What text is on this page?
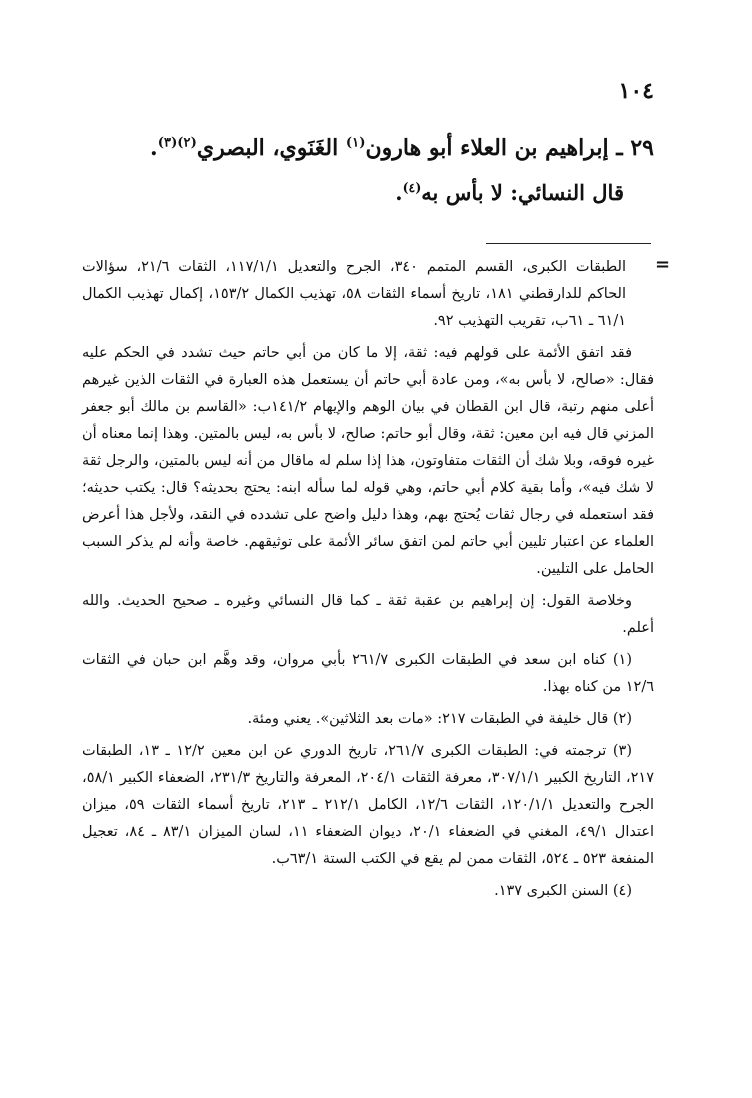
١٠٤
٢٩ ـ إبراهيم بن العلاء أبو هارون$^{(١)}$ الغَنَوي، البصري$^{(٢)(٣)}$.
قال النسائي: لا بأس به$^{(٤)}$.
=

الطبقات الكبرى، القسم المتمم ٣٤٠، الجرح والتعديل ١١٧/١/١، الثقات ٢١/٦، سؤالات الحاكم للدارقطني ١٨١، تاريخ أسماء الثقات ٥٨، تهذيب الكمال ١٥٣/٢، إكمال تهذيب الكمال ٦١/١ ـ ٦١ب، تقريب التهذيب ٩٢.

فقد اتفق الأئمة على قولهم فيه: ثقة، إلا ما كان من أبي حاتم حيث تشدد في الحكم عليه فقال: «صالح، لا بأس به»، ومن عادة أبي حاتم أن يستعمل هذه العبارة في الثقات الذين غيرهم أعلى منهم رتبة، قال ابن القطان في بيان الوهم والإيهام ١٤١/٢ب: «القاسم بن مالك أبو جعفر المزني قال فيه ابن معين: ثقة، وقال أبو حاتم: صالح، لا بأس به، ليس بالمتين. وهذا إنما معناه أن غيره فوقه، وبلا شك أن الثقات متفاوتون، هذا إذا سلم له ماقال من أنه ليس بالمتين، والرجل ثقة لا شك فيه»، وأما بقية كلام أبي حاتم، وهي قوله لما سأله ابنه: يحتج بحديثه؟ قال: يكتب حديثه؛ فقد استعمله في رجال ثقات يُحتج بهم، وهذا دليل واضح على تشدده في النقد، ولأجل هذا أعرض العلماء عن اعتبار تليين أبي حاتم لمن اتفق سائر الأئمة على توثيقهم. خاصة وأنه لم يذكر السبب الحامل على التليين.

وخلاصة القول: إن إبراهيم بن عقبة ثقة ـ كما قال النسائي وغيره ـ صحيح الحديث. والله أعلم.

(١) كناه ابن سعد في الطبقات الكبرى ٢٦١/٧ بأبي مروان، وقد وهَّم ابن حبان في الثقات ١٢/٦ من كناه بهذا.

(٢) قال خليفة في الطبقات ٢١٧: «مات بعد الثلاثين». يعني ومئة.

(٣) ترجمته في: الطبقات الكبرى ٢٦١/٧، تاريخ الدوري عن ابن معين ١٢/٢ ـ ١٣، الطبقات ٢١٧، التاريخ الكبير ٣٠٧/١/١، معرفة الثقات ٢٠٤/١، المعرفة والتاريخ ٢٣١/٣، الضعفاء الكبير ٥٨/١، الجرح والتعديل ١٢٠/١/١، الثقات ١٢/٦، الكامل ٢١٢/١ ـ ٢١٣، تاريخ أسماء الثقات ٥٩، ميزان اعتدال ٤٩/١، المغني في الضعفاء ٢٠/١، ديوان الضعفاء ١١، لسان الميزان ٨٣/١ ـ ٨٤، تعجيل المنفعة ٥٢٣ ـ ٥٢٤، الثقات ممن لم يقع في الكتب الستة ٦٣/١ب.

(٤) السنن الكبرى ١٣٧.
